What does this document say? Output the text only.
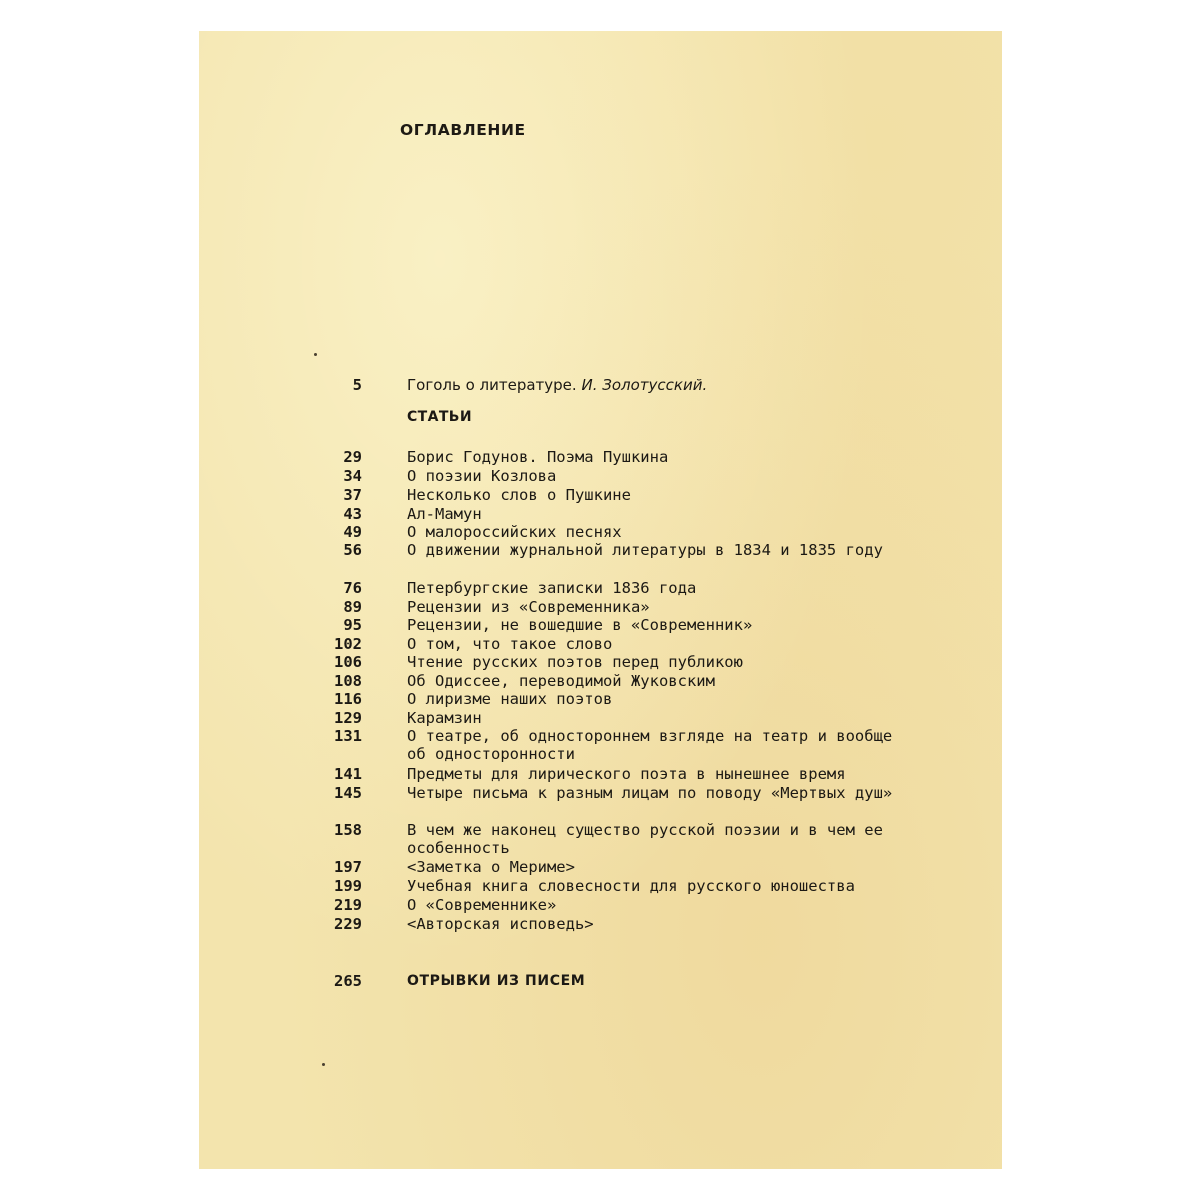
ОГЛАВЛЕНИЕ
5	Гоголь о литературе. И. Золотусский.
СТАТЬИ
29	Борис Годунов. Поэма Пушкина
34	О поэзии Козлова
37	Несколько слов о Пушкине
43	Ал-Мамун
49	О малороссийских песнях
56	О движении журнальной литературы в 1834 и 1835 году
76	Петербургские записки 1836 года
89	Рецензии из «Современника»
95	Рецензии, не вошедшие в «Современник»
102	О том, что такое слово
106	Чтение русских поэтов перед публикою
108	Об Одиссее, переводимой Жуковским
116	О лиризме наших поэтов
129	Карамзин
131	О театре, об одностороннем взгляде на театр и вообще об односторонности
141	Предметы для лирического поэта в нынешнее время
145	Четыре письма к разным лицам по поводу «Мертвых душ»
158	В чем же наконец существо русской поэзии и в чем ее особенность
197	<Заметка о Мериме>
199	Учебная книга словесности для русского юношества
219	О «Современнике»
229	<Авторская исповедь>
265	ОТРЫВКИ ИЗ ПИСЕМ
